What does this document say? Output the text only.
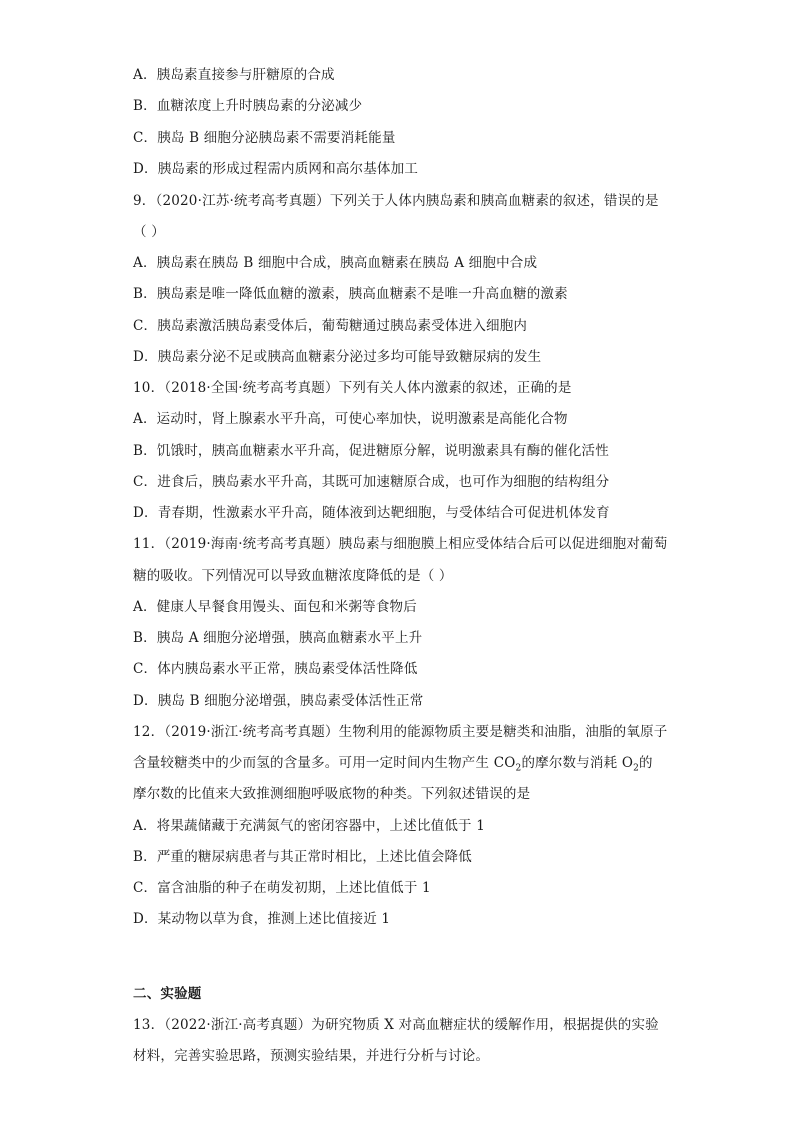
A．胰岛素直接参与肝糖原的合成
B．血糖浓度上升时胰岛素的分泌减少
C．胰岛 B 细胞分泌胰岛素不需要消耗能量
D．胰岛素的形成过程需内质网和高尔基体加工
9．（2020·江苏·统考高考真题）下列关于人体内胰岛素和胰高血糖素的叙述，错误的是
（ ）
A．胰岛素在胰岛 B 细胞中合成，胰高血糖素在胰岛 A 细胞中合成
B．胰岛素是唯一降低血糖的激素，胰高血糖素不是唯一升高血糖的激素
C．胰岛素激活胰岛素受体后，葡萄糖通过胰岛素受体进入细胞内
D．胰岛素分泌不足或胰高血糖素分泌过多均可能导致糖尿病的发生
10．（2018·全国·统考高考真题）下列有关人体内激素的叙述，正确的是
A．运动时，肾上腺素水平升高，可使心率加快，说明激素是高能化合物
B．饥饿时，胰高血糖素水平升高，促进糖原分解，说明激素具有酶的催化活性
C．进食后，胰岛素水平升高，其既可加速糖原合成，也可作为细胞的结构组分
D．青春期，性激素水平升高，随体液到达靶细胞，与受体结合可促进机体发育
11．（2019·海南·统考高考真题）胰岛素与细胞膜上相应受体结合后可以促进细胞对葡萄
糖的吸收。下列情况可以导致血糖浓度降低的是（ ）
A．健康人早餐食用馒头、面包和米粥等食物后
B．胰岛 A 细胞分泌增强，胰高血糖素水平上升
C．体内胰岛素水平正常，胰岛素受体活性降低
D．胰岛 B 细胞分泌增强，胰岛素受体活性正常
12．（2019·浙江·统考高考真题）生物利用的能源物质主要是糖类和油脂，油脂的氧原子
含量较糖类中的少而氢的含量多。可用一定时间内生物产生 $CO_2$的摩尔数与消耗 $O_2$的
摩尔数的比值来大致推测细胞呼吸底物的种类。下列叙述错误的是
A．将果蔬储藏于充满氮气的密闭容器中，上述比值低于 1
B．严重的糖尿病患者与其正常时相比，上述比值会降低
C．富含油脂的种子在萌发初期，上述比值低于 1
D．某动物以草为食，推测上述比值接近 1
二、实验题
13．（2022·浙江·高考真题）为研究物质 X 对高血糖症状的缓解作用，根据提供的实验
材料，完善实验思路，预测实验结果，并进行分析与讨论。
